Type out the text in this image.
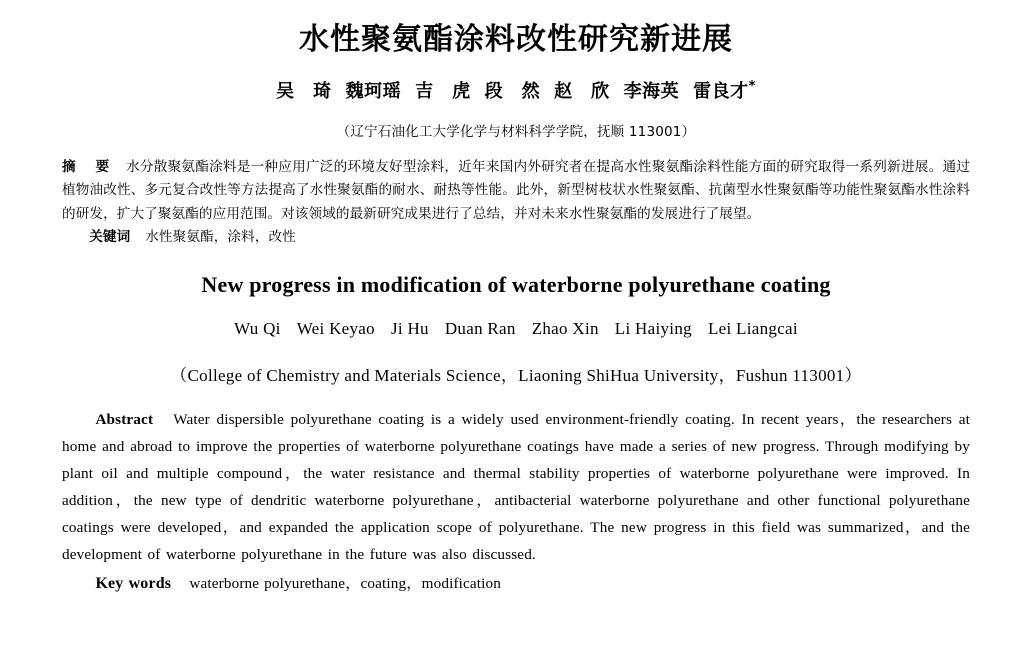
水性聚氨酯涂料改性研究新进展
吴　琦 魏珂瑶 吉　虎 段　然 赵　欣 李海英 雷良才*
（辽宁石油化工大学化学与材料科学学院，抚顺 113001）
摘　要　 水分散聚氨酯涂料是一种应用广泛的环境友好型涂料，近年来国内外研究者在提高水性聚氨酯涂料性能方面的研究取得一系列新进展。通过植物油改性、多元复合改性等方法提高了水性聚氨酯的耐水、耐热等性能。此外，新型树枝状水性聚氨酯、抗菌型水性聚氨酯等功能性聚氨酯水性涂料的研发，扩大了聚氨酯的应用范围。对该领域的最新研究成果进行了总结，并对未来水性聚氨酯的发展进行了展望。
关键词 水性聚氨酯，涂料，改性
New progress in modification of waterborne polyurethane coating
Wu Qi Wei Keyao Ji Hu Duan Ran Zhao Xin Li Haiying Lei Liangcai
（College of Chemistry and Materials Science，Liaoning ShiHua University，Fushun 113001）
Abstract Water dispersible polyurethane coating is a widely used environment-friendly coating. In recent years，the researchers at home and abroad to improve the properties of waterborne polyurethane coatings have made a series of new progress. Through modifying by plant oil and multiple compound，the water resistance and thermal stability properties of waterborne polyurethane were improved. In addition，the new type of dendritic waterborne polyurethane，antibacterial waterborne polyurethane and other functional polyurethane coatings were developed，and expanded the application scope of polyurethane. The new progress in this field was summarized，and the development of waterborne polyurethane in the future was also discussed.
Key words waterborne polyurethane，coating，modification
